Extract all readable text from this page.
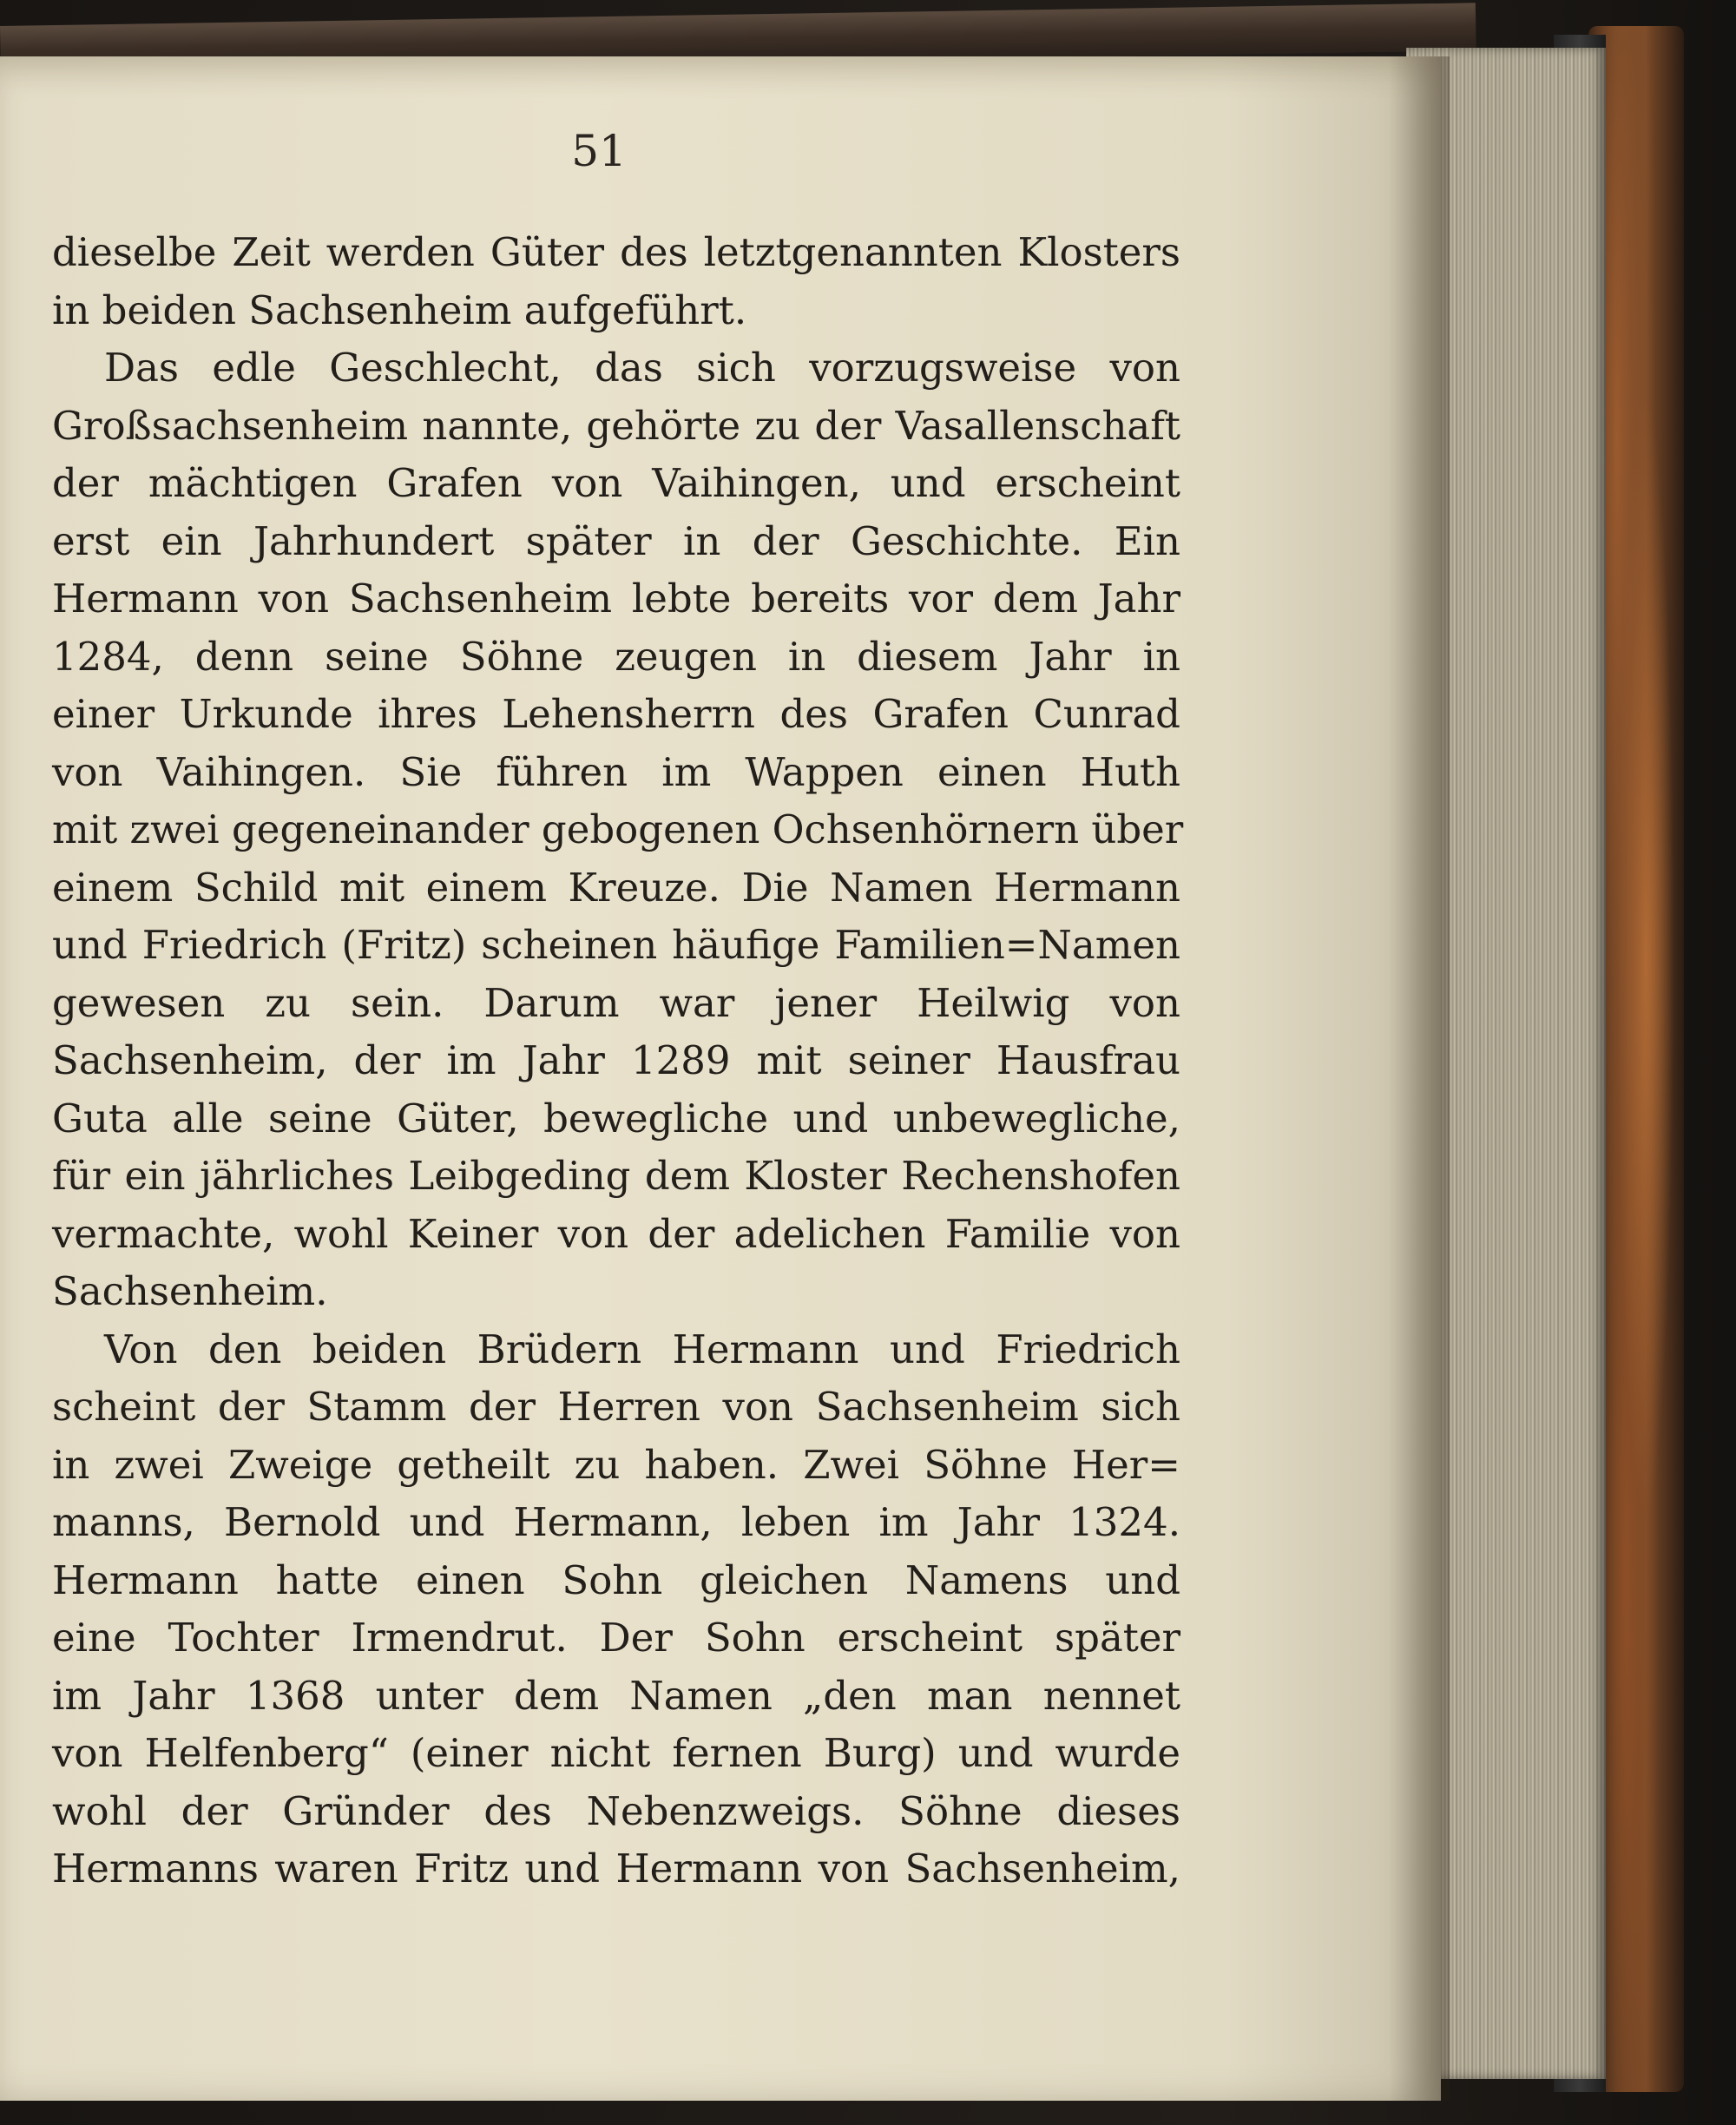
51
dieselbe Zeit werden Güter des letztgenannten Klosters
in beiden Sachsenheim aufgeführt.
Das edle Geschlecht, das sich vorzugsweise von
Großsachsenheim nannte, gehörte zu der Vasallenschaft
der mächtigen Grafen von Vaihingen, und erscheint
erst ein Jahrhundert später in der Geschichte. Ein
Hermann von Sachsenheim lebte bereits vor dem Jahr
1284, denn seine Söhne zeugen in diesem Jahr in
einer Urkunde ihres Lehensherrn des Grafen Cunrad
von Vaihingen. Sie führen im Wappen einen Huth
mit zwei gegeneinander gebogenen Ochsenhörnern über
einem Schild mit einem Kreuze. Die Namen Hermann
und Friedrich (Fritz) scheinen häufige Familien=Namen
gewesen zu sein. Darum war jener Heilwig von
Sachsenheim, der im Jahr 1289 mit seiner Hausfrau
Guta alle seine Güter, bewegliche und unbewegliche,
für ein jährliches Leibgeding dem Kloster Rechenshofen
vermachte, wohl Keiner von der adelichen Familie von
Sachsenheim.
Von den beiden Brüdern Hermann und Friedrich
scheint der Stamm der Herren von Sachsenheim sich
in zwei Zweige getheilt zu haben. Zwei Söhne Her=
manns, Bernold und Hermann, leben im Jahr 1324.
Hermann hatte einen Sohn gleichen Namens und
eine Tochter Irmendrut. Der Sohn erscheint später
im Jahr 1368 unter dem Namen „den man nennet
von Helfenberg“ (einer nicht fernen Burg) und wurde
wohl der Gründer des Nebenzweigs. Söhne dieses
Hermanns waren Fritz und Hermann von Sachsenheim,
